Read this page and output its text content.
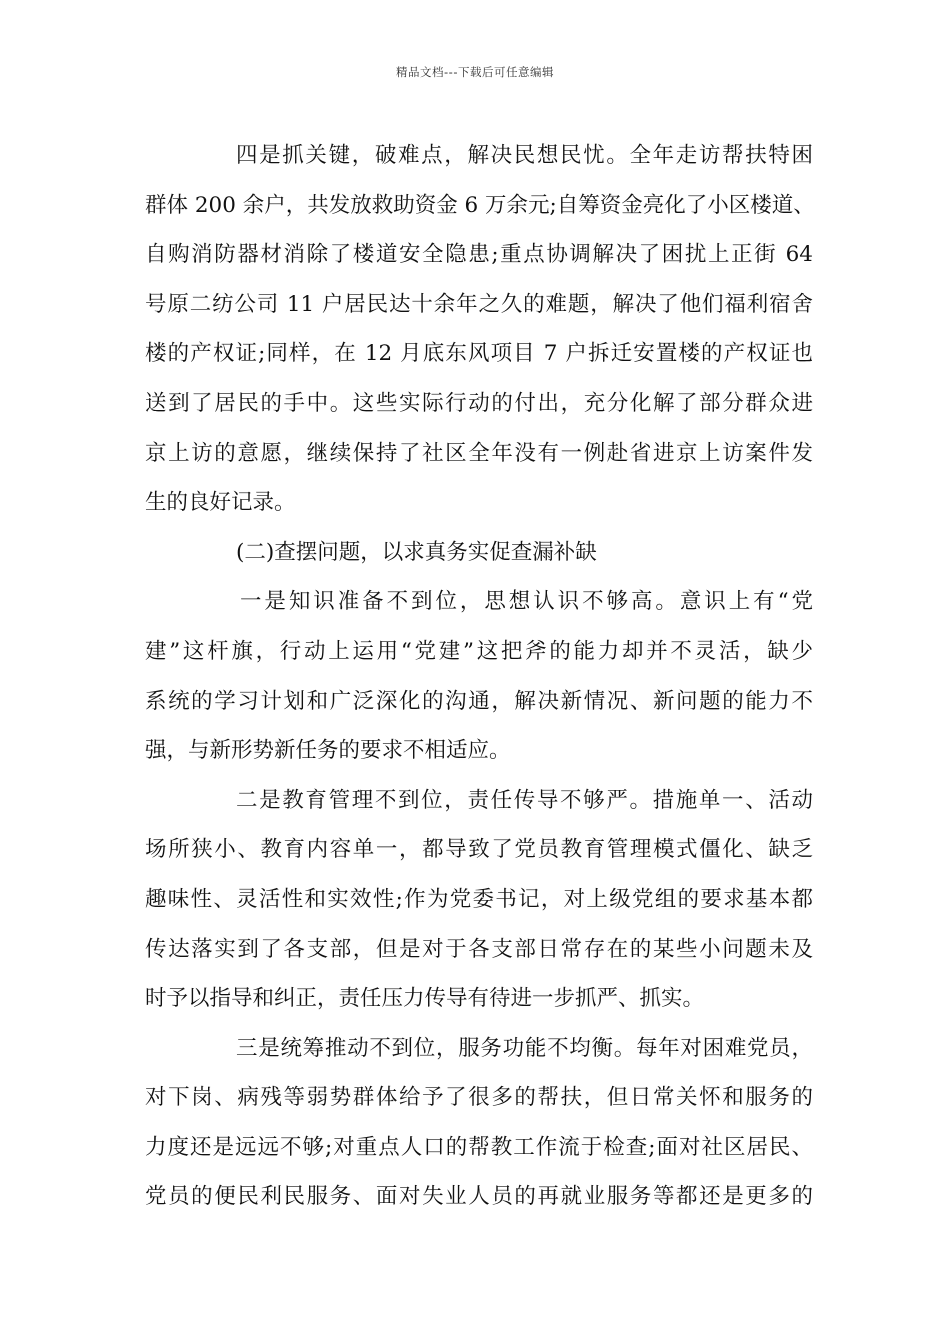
精品文档---下载后可任意编辑
四是抓关键，破难点，解决民想民忧。全年走访帮扶特困
群体 200 余户，共发放救助资金 6 万余元;自筹资金亮化了小区楼道、
自购消防器材消除了楼道安全隐患;重点协调解决了困扰上正街 64
号原二纺公司 11 户居民达十余年之久的难题，解决了他们福利宿舍
楼的产权证;同样，在 12 月底东风项目 7 户拆迁安置楼的产权证也
送到了居民的手中。这些实际行动的付出，充分化解了部分群众进
京上访的意愿，继续保持了社区全年没有一例赴省进京上访案件发
生的良好记录。
(二)查摆问题，以求真务实促查漏补缺
一是知识准备不到位，思想认识不够高。意识上有“党
建”这杆旗，行动上运用“党建”这把斧的能力却并不灵活，缺少
系统的学习计划和广泛深化的沟通，解决新情况、新问题的能力不
强，与新形势新任务的要求不相适应。
二是教育管理不到位，责任传导不够严。措施单一、活动
场所狭小、教育内容单一，都导致了党员教育管理模式僵化、缺乏
趣味性、灵活性和实效性;作为党委书记，对上级党组的要求基本都
传达落实到了各支部，但是对于各支部日常存在的某些小问题未及
时予以指导和纠正，责任压力传导有待进一步抓严、抓实。
三是统筹推动不到位，服务功能不均衡。每年对困难党员，
对下岗、病残等弱势群体给予了很多的帮扶，但日常关怀和服务的
力度还是远远不够;对重点人口的帮教工作流于检查;面对社区居民、
党员的便民利民服务、面对失业人员的再就业服务等都还是更多的
